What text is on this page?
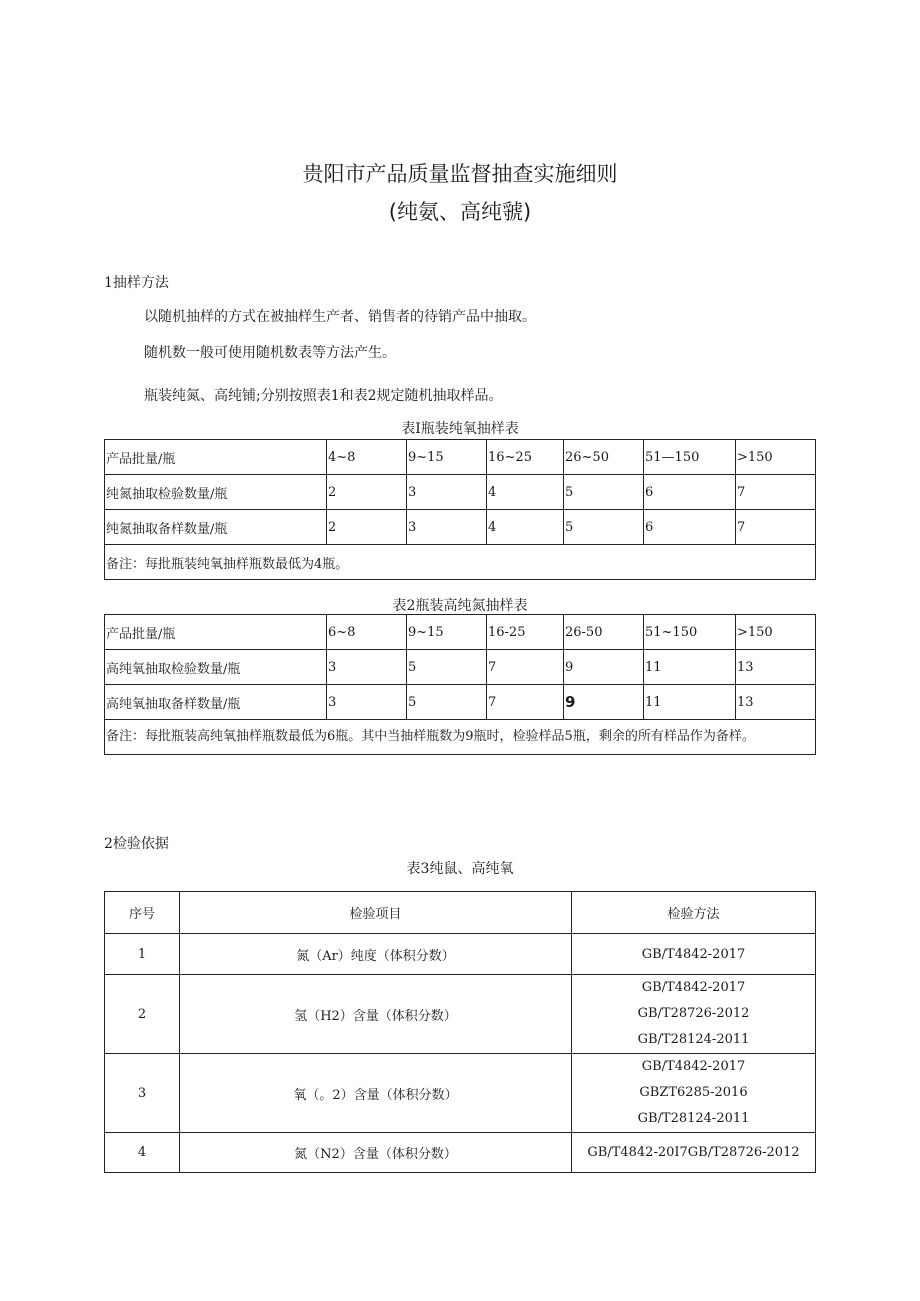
贵阳市产品质量监督抽查实施细则
(纯氨、高纯虢)
1抽样方法
以随机抽样的方式在被抽样生产者、销售者的待销产品中抽取。
随机数一般可使用随机数表等方法产生。
瓶装纯氮、高纯铺;分别按照表1和表2规定随机抽取样品。
表I瓶装纯氧抽样表
产品批量/瓶	4~8	9~15	16~25	26~50	51—150	>150
纯氮抽取检验数量/瓶	2	3	4	5	6	7
纯氮抽取备样数量/瓶	2	3	4	5	6	7
备注：每批瓶装纯氧抽样瓶数最低为4瓶。						
表2瓶装高纯氮抽样表
产品批量/瓶	6~8	9~15	16-25	26-50	51~150	>150
高纯氧抽取检验数量/瓶	3	5	7	9	11	13
高纯氧抽取备样数量/瓶	3	5	7	9	11	13
备注：每批瓶装高纯氧抽样瓶数最低为6瓶。其中当抽样瓶数为9瓶时，检验样品5瓶，剩余的所有样品作为备样。						
2检验依据
表3纯鼠、高纯氧
序号	检验项目	检验方法
1	氮（Ar）纯度（体积分数）	GB/T4842-2017
2	氢（H2）含量（体积分数）	GB/T4842-2017
GB/T28726-2012
GB/T28124-2011

3	氧（。2）含量（体积分数）	GB/T4842-2017
GBZT6285-2016
GB/T28124-2011

4	氮（N2）含量（体积分数）	GB/T4842-20I7GB/T28726-2012
